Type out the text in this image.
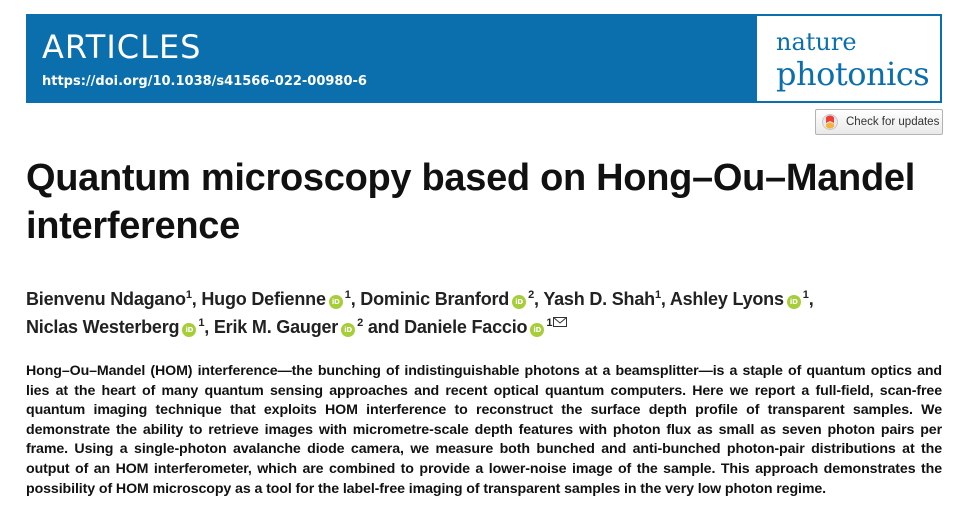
ARTICLES
https://doi.org/10.1038/s41566-022-00980-6
nature
photonics
Check for updates
Quantum microscopy based on Hong–Ou–Mandel interference
Bienvenu Ndagano$^1$, Hugo Defienne $iD^1$, Dominic Branford $iD^2$, Yash D. Shah$^1$, Ashley Lyons $iD^1$,
Niclas Westerberg $iD^1$, Erik M. Gauger $iD^2$ and Daniele Faccio $iD^1$

Hong–Ou–Mandel (HOM) interference—the bunching of indistinguishable photons at a beamsplitter—is a staple of quantum optics and lies at the heart of many quantum sensing approaches and recent optical quantum computers. Here we report a full-field, scan-free quantum imaging technique that exploits HOM interference to reconstruct the surface depth profile of transparent samples. We demonstrate the ability to retrieve images with micrometre-scale depth features with photon flux as small as seven photon pairs per frame. Using a single-photon avalanche diode camera, we measure both bunched and anti-bunched photon-pair distributions at the output of an HOM interferometer, which are combined to provide a lower-noise image of the sample. This approach demonstrates the possibility of HOM microscopy as a tool for the label-free imaging of transparent samples in the very low photon regime.
